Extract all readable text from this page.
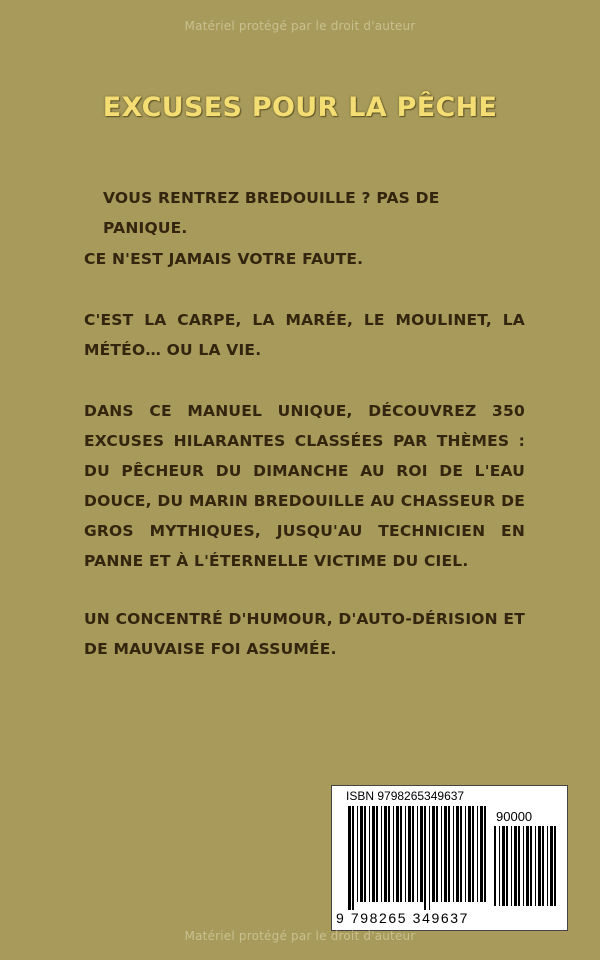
Matériel protégé par le droit d'auteur
EXCUSES POUR LA PÊCHE
VOUS RENTREZ BREDOUILLE ? PAS DE PANIQUE.
CE N'EST JAMAIS VOTRE FAUTE.
C'EST LA CARPE, LA MARÉE, LE MOULINET, LA MÉTÉO… OU LA VIE.
DANS CE MANUEL UNIQUE, DÉCOUVREZ 350 EXCUSES HILARANTES CLASSÉES PAR THÈMES : DU PÊCHEUR DU DIMANCHE AU ROI DE L'EAU DOUCE, DU MARIN BREDOUILLE AU CHASSEUR DE GROS MYTHIQUES, JUSQU'AU TECHNICIEN EN PANNE ET À L'ÉTERNELLE VICTIME DU CIEL.
UN CONCENTRÉ D'HUMOUR, D'AUTO-DÉRISION ET DE MAUVAISE FOI ASSUMÉE.
ISBN 9798265349637
90000
9 798265 349637
Matériel protégé par le droit d'auteur
